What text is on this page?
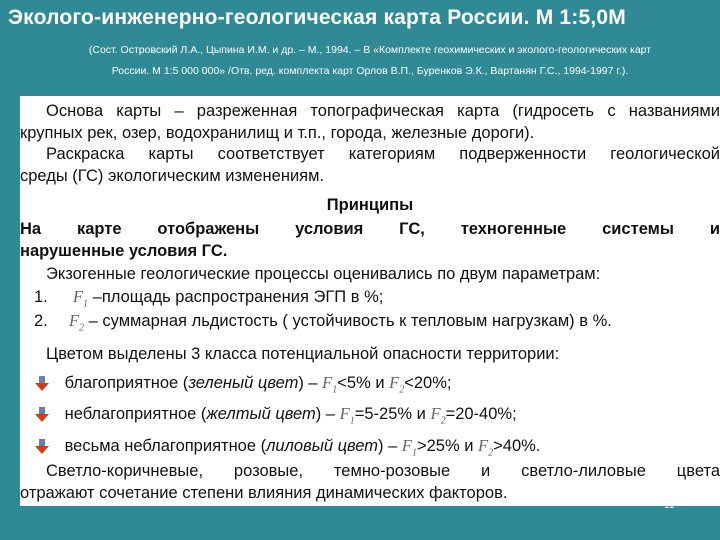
Эколого-инженерно-геологическая карта России. М 1:5,0М
(Сост. Островский Л.А., Цыпина И.М. и др. – М., 1994. – В «Комплекте геохимических и эколого-геологических карт
России. М 1:5 000 000» /Отв. ред. комплекта карт Орлов В.П., Буренков Э.К., Вартанян Г.С., 1994-1997 г.).
Основа карты – разреженная топографическая карта (гидросеть с названиями
крупных рек, озер, водохранилищ и т.п., города, железные дороги).
Раскраска карты соответствует категориям подверженности геологической
среды (ГС) экологическим изменениям.
Принципы
На карте отображены условия ГС, техногенные системы и
нарушенные условия ГС.
Экзогенные геологические процессы оценивались по двум параметрам:
1. $F_1$ –площадь распространения ЭГП в %;
2. $F_2$ – суммарная льдистость ( устойчивость к тепловым нагрузкам) в %.
Цветом выделены 3 класса потенциальной опасности территории:
благоприятное (зеленый цвет) – $F_1<5\%$ и $F_2<20\%$;
неблагоприятное (желтый цвет) – $F_1=5-25\%$ и $F_2=20-40\%$;
весьма неблагоприятное (лиловый цвет) – $F_1>25\%$ и $F_2>40\%$.
Светло-коричневые, розовые, темно-розовые и светло-лиловые цвета
отражают сочетание степени влияния динамических факторов.
11
